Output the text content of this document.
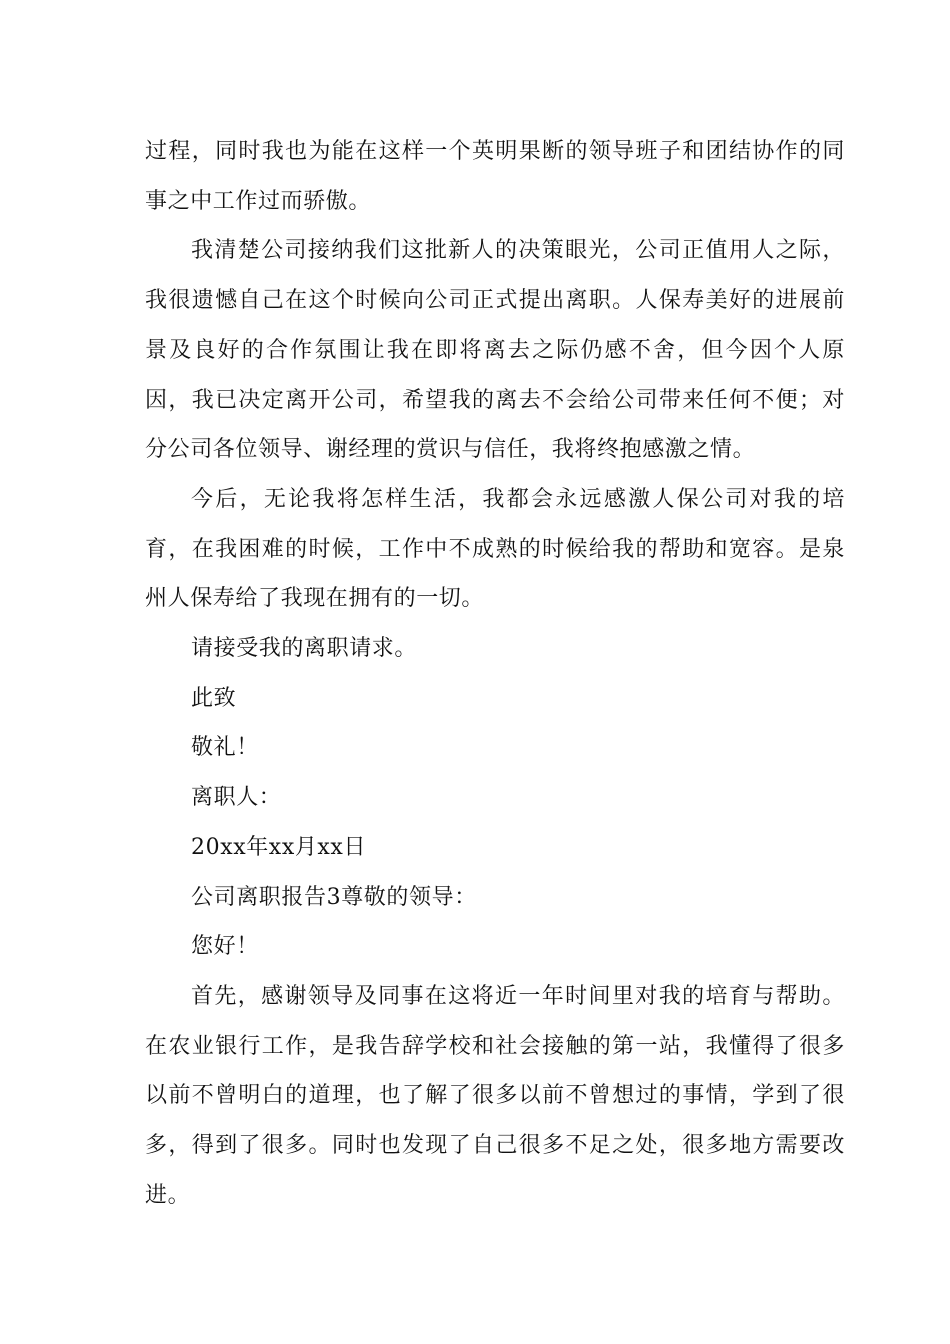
过程，同时我也为能在这样一个英明果断的领导班子和团结协作的同事之中工作过而骄傲。

我清楚公司接纳我们这批新人的决策眼光，公司正值用人之际，我很遗憾自己在这个时候向公司正式提出离职。人保寿美好的进展前景及良好的合作氛围让我在即将离去之际仍感不舍，但今因个人原因，我已决定离开公司，希望我的离去不会给公司带来任何不便；对分公司各位领导、谢经理的赏识与信任，我将终抱感激之情。

今后，无论我将怎样生活，我都会永远感激人保公司对我的培育，在我困难的时候，工作中不成熟的时候给我的帮助和宽容。是泉州人保寿给了我现在拥有的一切。

请接受我的离职请求。

此致

敬礼！

离职人：

20xx年xx月xx日

公司离职报告3尊敬的领导：

您好！

首先，感谢领导及同事在这将近一年时间里对我的培育与帮助。在农业银行工作，是我告辞学校和社会接触的第一站，我懂得了很多以前不曾明白的道理，也了解了很多以前不曾想过的事情，学到了很多，得到了很多。同时也发现了自己很多不足之处，很多地方需要改进。
